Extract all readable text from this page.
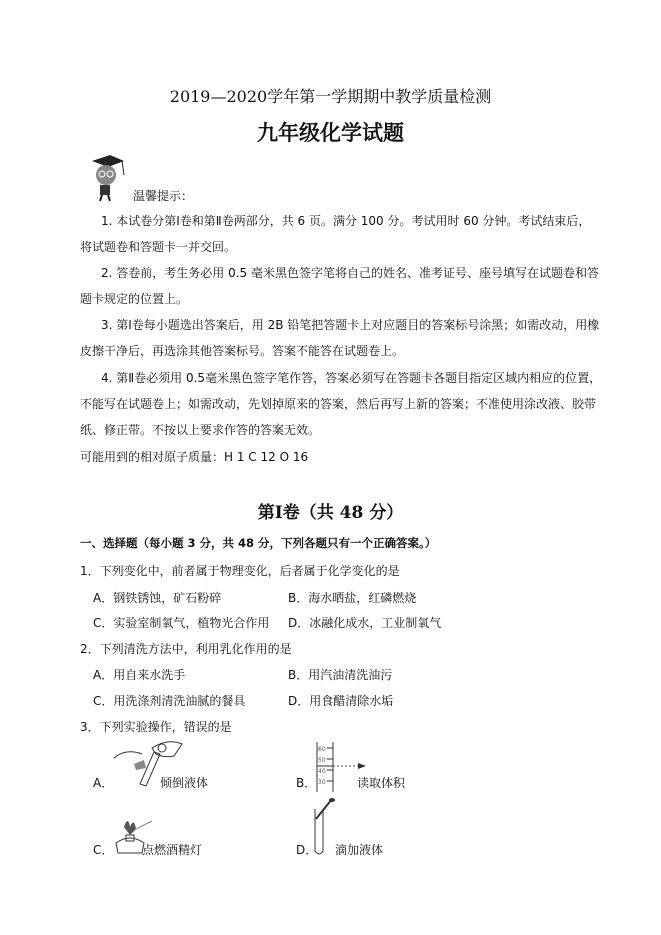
2019—2020学年第一学期期中教学质量检测
九年级化学试题
温馨提示：
1. 本试卷分第Ⅰ卷和第Ⅱ卷两部分，共 6 页。满分 100 分。考试用时 60 分钟。考试结束后，
将试题卷和答题卡一并交回。
2. 答卷前，考生务必用 0.5 毫米黑色签字笔将自己的姓名、准考证号、座号填写在试题卷和答
题卡规定的位置上。
3. 第Ⅰ卷每小题选出答案后，用 2B 铅笔把答题卡上对应题目的答案标号涂黑；如需改动，用橡
皮擦干净后，再选涂其他答案标号。答案不能答在试题卷上。
4. 第Ⅱ卷必须用 0.5毫米黑色签字笔作答，答案必须写在答题卡各题目指定区域内相应的位置，
不能写在试题卷上；如需改动，先划掉原来的答案，然后再写上新的答案；不准使用涂改液、胶带
纸、修正带。不按以上要求作答的答案无效。
可能用到的相对原子质量：H 1 C 12 O 16
第Ⅰ卷（共 48 分）
一、选择题（每小题 3 分，共 48 分，下列各题只有一个正确答案。）
1．下列变化中，前者属于物理变化，后者属于化学变化的是
A．钢铁锈蚀，矿石粉碎	B．海水晒盐，红磷燃烧
C．实验室制氧气，植物光合作用 D．冰融化成水，工业制氧气
2．下列清洗方法中，利用乳化作用的是
A．用自来水洗手	B．用汽油清洗油污
C．用洗涤剂清洗油腻的餐具	D．用食醋清除水垢
3．下列实验操作，错误的是
A．	倾倒液体	B．
60
50
40
30	读取体积
C． 点燃酒精灯	D． 滴加液体
